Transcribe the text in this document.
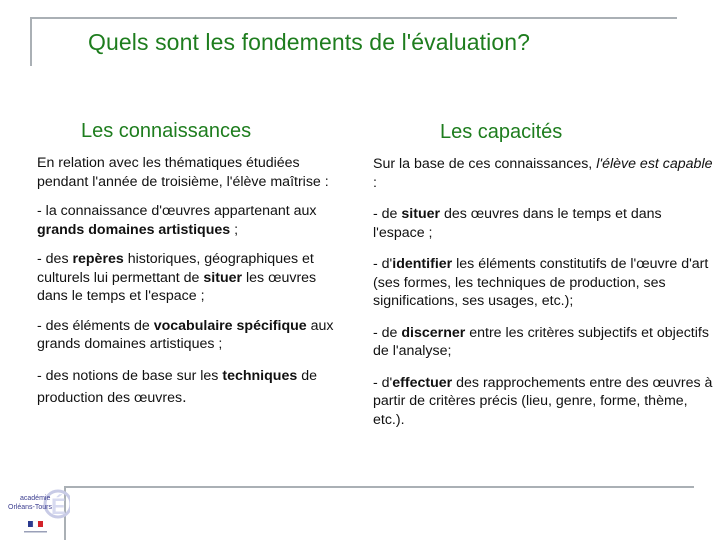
Quels sont les fondements de l'évaluation?
Les connaissances	Les capacités

En relation avec les thématiques étudiées pendant l'année de troisième, l'élève maîtrise :

- la connaissance d'œuvres appartenant aux grands domaines artistiques ;

- des repères historiques, géographiques et culturels lui permettant de situer les œuvres dans le temps et l'espace ;

- des éléments de vocabulaire spécifique aux grands domaines artistiques ;

- des notions de base sur les techniques de production des œuvres.

Sur la base de ces connaissances, l'élève est capable :

- de situer des œuvres dans le temps et dans l'espace ;

- d'identifier les éléments constitutifs de l'œuvre d'art (ses formes, les techniques de production, ses significations, ses usages, etc.);

- de discerner entre les critères subjectifs et objectifs de l'analyse;

- d'effectuer des rapprochements entre des œuvres à partir de critères précis (lieu, genre, forme, thème, etc.).

É
académie
Orléans-Tours
